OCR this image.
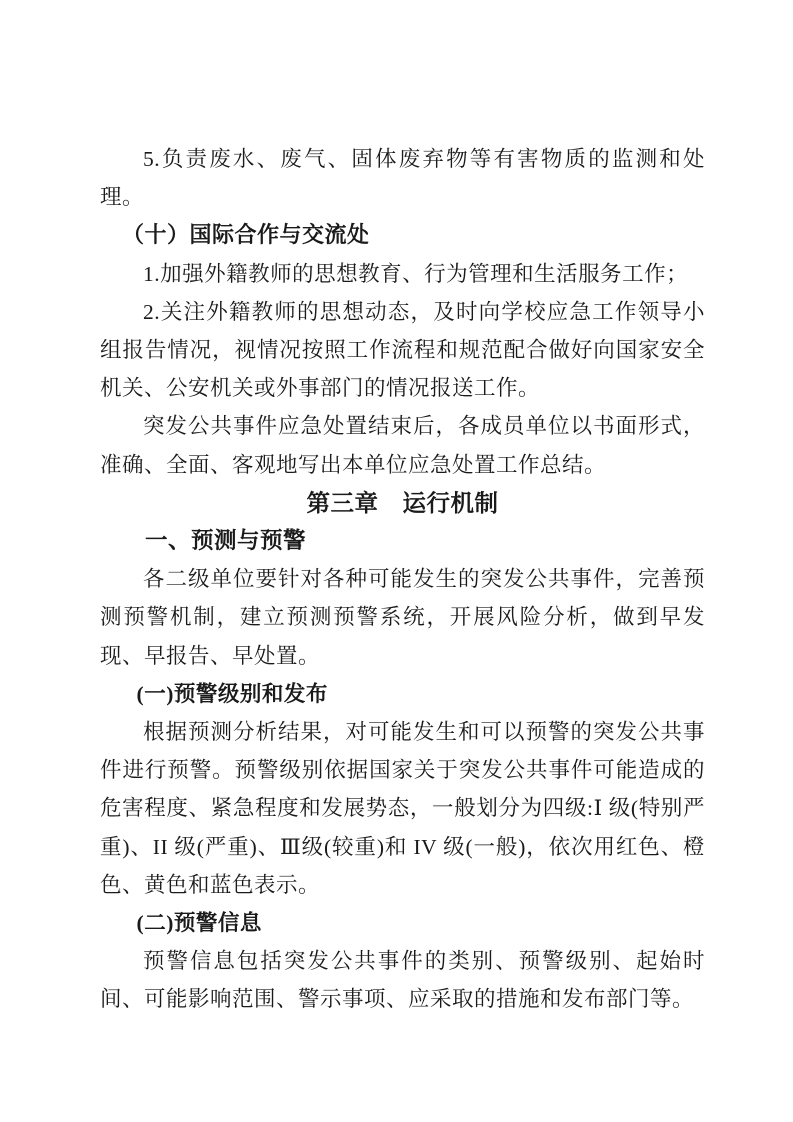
5.负责废水、废气、固体废弃物等有害物质的监测和处理。

（十）国际合作与交流处

1.加强外籍教师的思想教育、行为管理和生活服务工作；

2.关注外籍教师的思想动态，及时向学校应急工作领导小组报告情况，视情况按照工作流程和规范配合做好向国家安全机关、公安机关或外事部门的情况报送工作。

突发公共事件应急处置结束后，各成员单位以书面形式，准确、全面、客观地写出本单位应急处置工作总结。

第三章　运行机制

一、预测与预警

各二级单位要针对各种可能发生的突发公共事件，完善预测预警机制，建立预测预警系统，开展风险分析，做到早发现、早报告、早处置。

(一)预警级别和发布

根据预测分析结果，对可能发生和可以预警的突发公共事件进行预警。预警级别依据国家关于突发公共事件可能造成的危害程度、紧急程度和发展势态，一般划分为四级:Ⅰ 级(特别严重)、II 级(严重)、Ⅲ级(较重)和 IV 级(一般)，依次用红色、橙色、黄色和蓝色表示。

(二)预警信息

预警信息包括突发公共事件的类别、预警级别、起始时间、可能影响范围、警示事项、应采取的措施和发布部门等。
